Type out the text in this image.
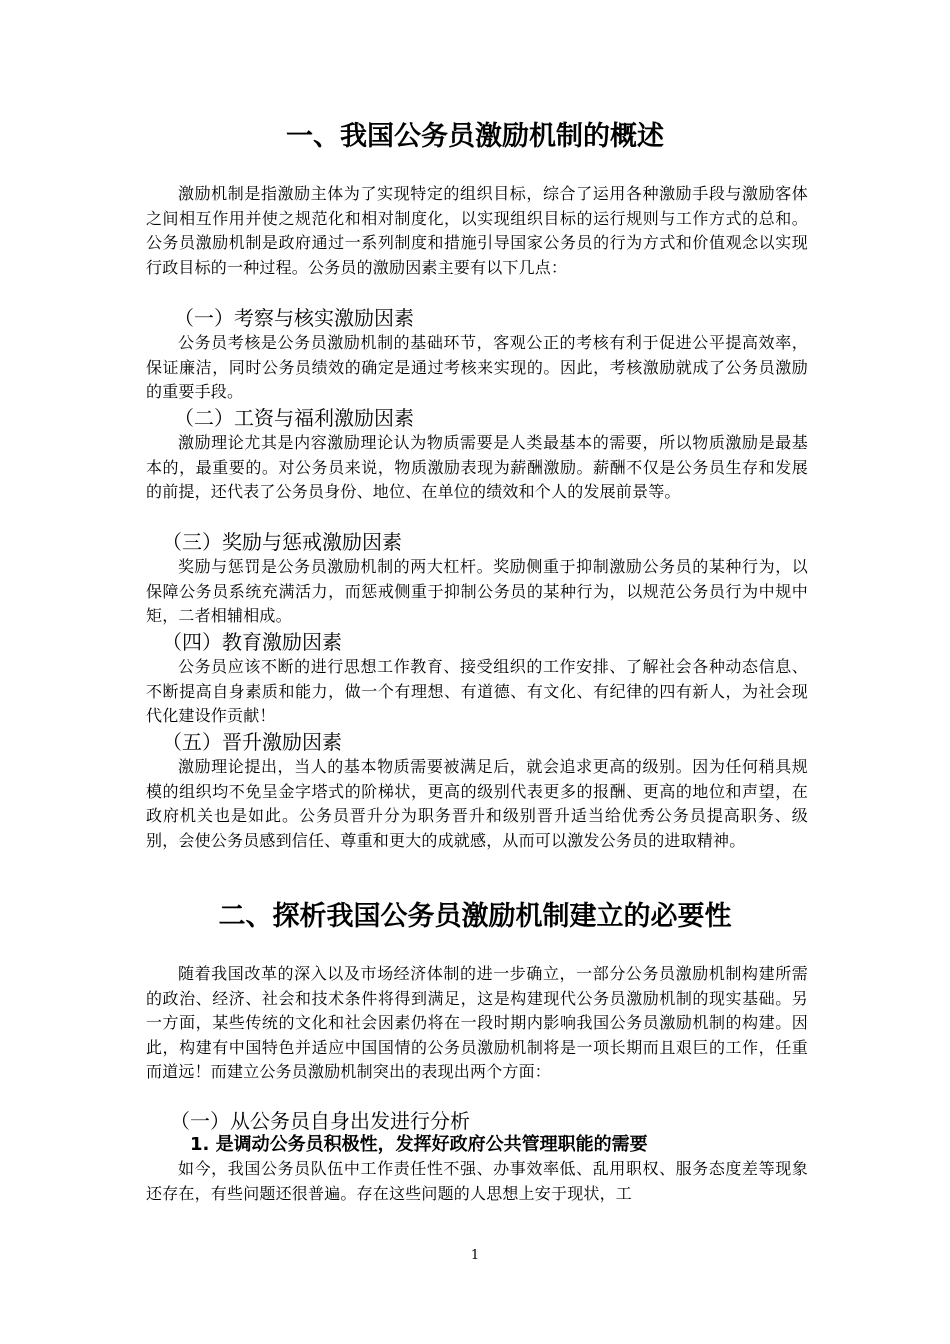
一、我国公务员激励机制的概述

激励机制是指激励主体为了实现特定的组织目标，综合了运用各种激励手段与激励客体之间相互作用并使之规范化和相对制度化，以实现组织目标的运行规则与工作方式的总和。公务员激励机制是政府通过一系列制度和措施引导国家公务员的行为方式和价值观念以实现行政目标的一种过程。公务员的激励因素主要有以下几点：

（一）考察与核实激励因素

公务员考核是公务员激励机制的基础环节，客观公正的考核有利于促进公平提高效率，保证廉洁，同时公务员绩效的确定是通过考核来实现的。因此，考核激励就成了公务员激励的重要手段。

（二）工资与福利激励因素

激励理论尤其是内容激励理论认为物质需要是人类最基本的需要，所以物质激励是最基本的，最重要的。对公务员来说，物质激励表现为薪酬激励。薪酬不仅是公务员生存和发展的前提，还代表了公务员身份、地位、在单位的绩效和个人的发展前景等。

（三）奖励与惩戒激励因素

奖励与惩罚是公务员激励机制的两大杠杆。奖励侧重于抑制激励公务员的某种行为，以保障公务员系统充满活力，而惩戒侧重于抑制公务员的某种行为，以规范公务员行为中规中矩，二者相辅相成。

（四）教育激励因素

公务员应该不断的进行思想工作教育、接受组织的工作安排、了解社会各种动态信息、不断提高自身素质和能力，做一个有理想、有道德、有文化、有纪律的四有新人，为社会现代化建设作贡献！

（五）晋升激励因素

激励理论提出，当人的基本物质需要被满足后，就会追求更高的级别。因为任何稍具规模的组织均不免呈金字塔式的阶梯状，更高的级别代表更多的报酬、更高的地位和声望，在政府机关也是如此。公务员晋升分为职务晋升和级别晋升适当给优秀公务员提高职务、级别，会使公务员感到信任、尊重和更大的成就感，从而可以激发公务员的进取精神。

二、探析我国公务员激励机制建立的必要性

随着我国改革的深入以及市场经济体制的进一步确立，一部分公务员激励机制构建所需的政治、经济、社会和技术条件将得到满足，这是构建现代公务员激励机制的现实基础。另一方面，某些传统的文化和社会因素仍将在一段时期内影响我国公务员激励机制的构建。因此，构建有中国特色并适应中国国情的公务员激励机制将是一项长期而且艰巨的工作，任重而道远！而建立公务员激励机制突出的表现出两个方面：

（一）从公务员自身出发进行分析
1. 是调动公务员积极性，发挥好政府公共管理职能的需要

如今，我国公务员队伍中工作责任性不强、办事效率低、乱用职权、服务态度差等现象还存在，有些问题还很普遍。存在这些问题的人思想上安于现状，工

1
